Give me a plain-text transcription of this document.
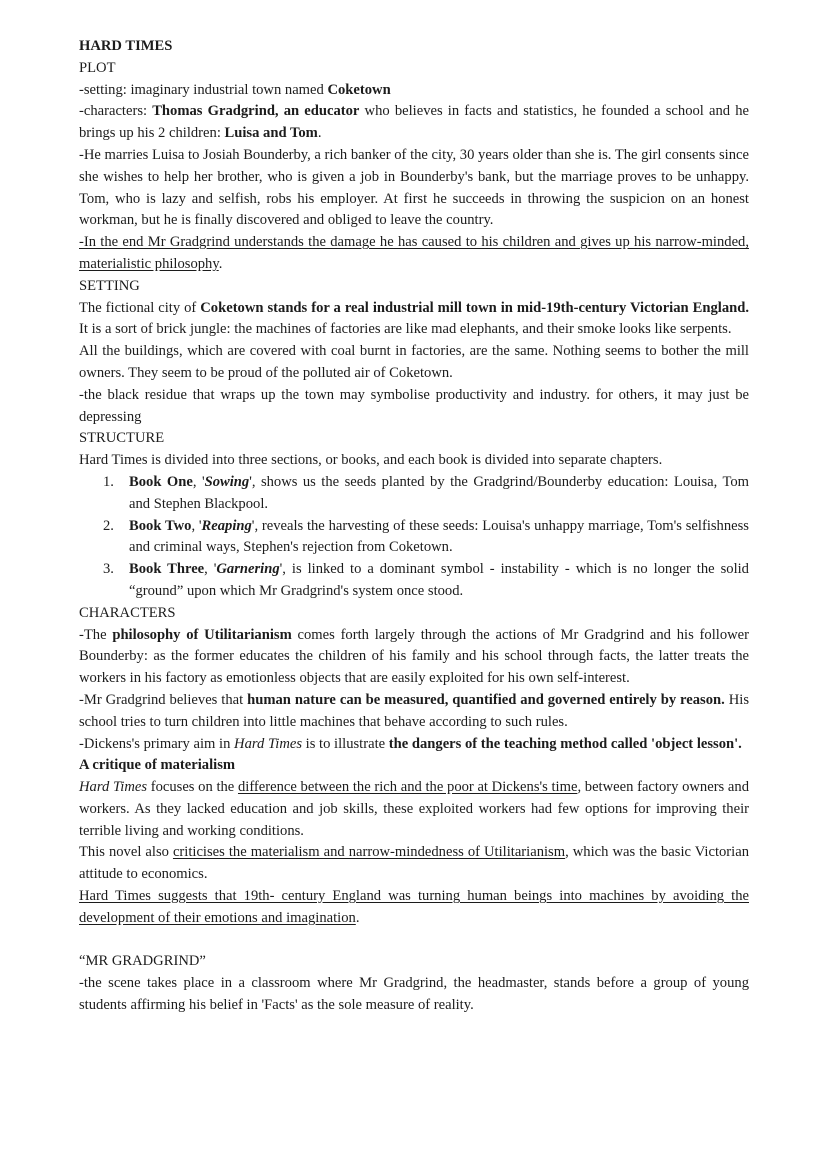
HARD TIMES

PLOT

-setting: imaginary industrial town named Coketown

-characters: Thomas Gradgrind, an educator who believes in facts and statistics, he founded a school and he brings up his 2 children: Luisa and Tom.

-He marries Luisa to Josiah Bounderby, a rich banker of the city, 30 years older than she is. The girl consents since she wishes to help her brother, who is given a job in Bounderby's bank, but the marriage proves to be unhappy. Tom, who is lazy and selfish, robs his employer. At first he succeeds in throwing the suspicion on an honest workman, but he is finally discovered and obliged to leave the country.

-In the end Mr Gradgrind understands the damage he has caused to his children and gives up his narrow-minded, materialistic philosophy.

SETTING

The fictional city of Coketown stands for a real industrial mill town in mid-19th-century Victorian England. It is a sort of brick jungle: the machines of factories are like mad elephants, and their smoke looks like serpents.

All the buildings, which are covered with coal burnt in factories, are the same. Nothing seems to bother the mill owners. They seem to be proud of the polluted air of Coketown.

-the black residue that wraps up the town may symbolise productivity and industry. for others, it may just be depressing

STRUCTURE

Hard Times is divided into three sections, or books, and each book is divided into separate chapters.

1. Book One, 'Sowing', shows us the seeds planted by the Gradgrind/Bounderby education: Louisa, Tom and Stephen Blackpool.
2. Book Two, 'Reaping', reveals the harvesting of these seeds: Louisa's unhappy marriage, Tom's selfishness and criminal ways, Stephen's rejection from Coketown.
3. Book Three, 'Garnering', is linked to a dominant symbol - instability - which is no longer the solid “ground” upon which Mr Gradgrind's system once stood.

CHARACTERS

-The philosophy of Utilitarianism comes forth largely through the actions of Mr Gradgrind and his follower Bounderby: as the former educates the children of his family and his school through facts, the latter treats the workers in his factory as emotionless objects that are easily exploited for his own self-interest.

-Mr Gradgrind believes that human nature can be measured, quantified and governed entirely by reason. His school tries to turn children into little machines that behave according to such rules.

-Dickens's primary aim in Hard Times is to illustrate the dangers of the teaching method called 'object lesson'.

A critique of materialism

Hard Times focuses on the difference between the rich and the poor at Dickens's time, between factory owners and workers. As they lacked education and job skills, these exploited workers had few options for improving their terrible living and working conditions.

This novel also criticises the materialism and narrow-mindedness of Utilitarianism, which was the basic Victorian attitude to economics.

Hard Times suggests that 19th- century England was turning human beings into machines by avoiding the development of their emotions and imagination.

“MR GRADGRIND”

-the scene takes place in a classroom where Mr Gradgrind, the headmaster, stands before a group of young students affirming his belief in 'Facts' as the sole measure of reality.
